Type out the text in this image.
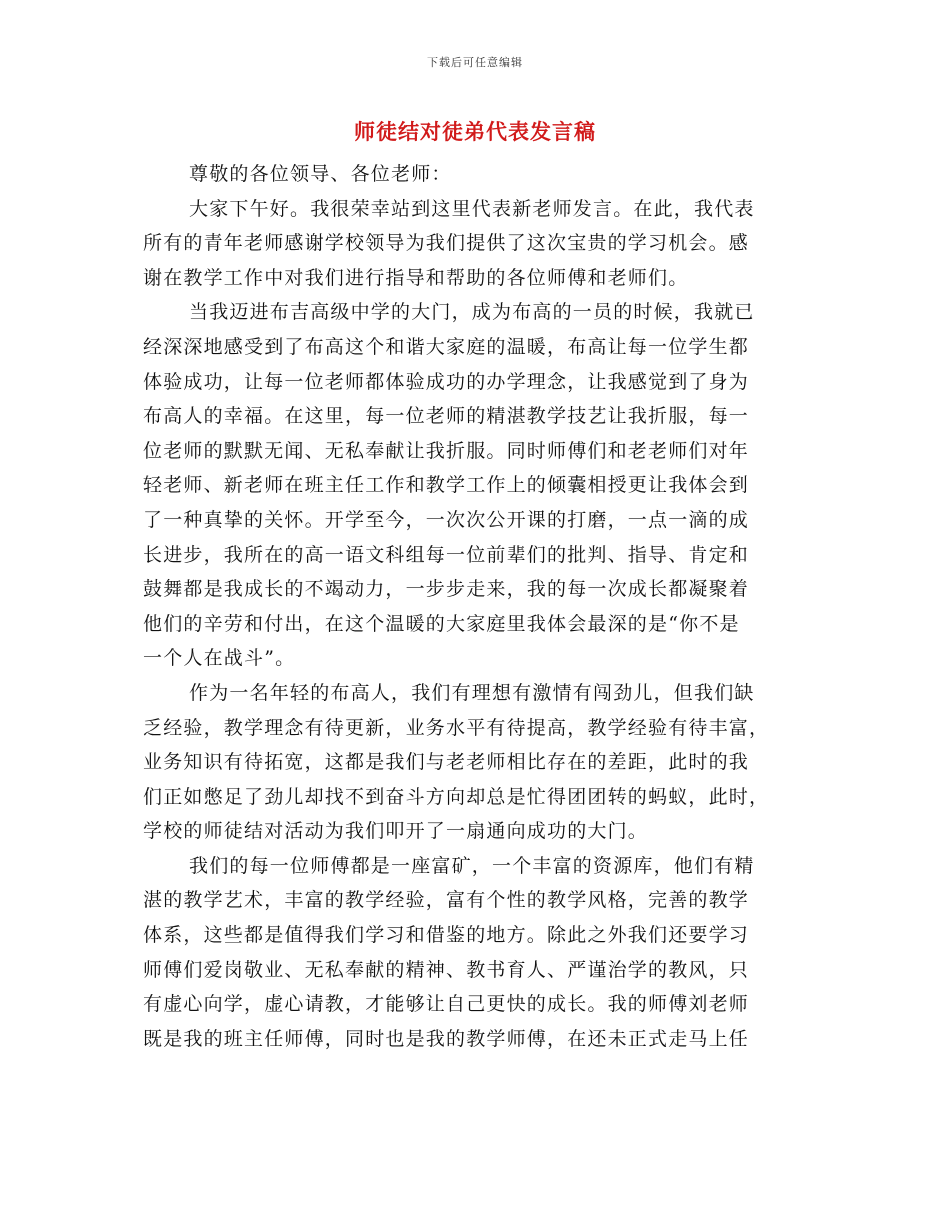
下载后可任意编辑
师徒结对徒弟代表发言稿
尊敬的各位领导、各位老师：
大家下午好。我很荣幸站到这里代表新老师发言。在此，我代表
所有的青年老师感谢学校领导为我们提供了这次宝贵的学习机会。感
谢在教学工作中对我们进行指导和帮助的各位师傅和老师们。
当我迈进布吉高级中学的大门，成为布高的一员的时候，我就已
经深深地感受到了布高这个和谐大家庭的温暖，布高让每一位学生都
体验成功，让每一位老师都体验成功的办学理念，让我感觉到了身为
布高人的幸福。在这里，每一位老师的精湛教学技艺让我折服，每一
位老师的默默无闻、无私奉献让我折服。同时师傅们和老老师们对年
轻老师、新老师在班主任工作和教学工作上的倾囊相授更让我体会到
了一种真挚的关怀。开学至今，一次次公开课的打磨，一点一滴的成
长进步，我所在的高一语文科组每一位前辈们的批判、指导、肯定和
鼓舞都是我成长的不竭动力，一步步走来，我的每一次成长都凝聚着
他们的辛劳和付出，在这个温暖的大家庭里我体会最深的是“你不是
一个人在战斗”。
作为一名年轻的布高人，我们有理想有激情有闯劲儿，但我们缺
乏经验，教学理念有待更新，业务水平有待提高，教学经验有待丰富，
业务知识有待拓宽，这都是我们与老老师相比存在的差距，此时的我
们正如憋足了劲儿却找不到奋斗方向却总是忙得团团转的蚂蚁，此时，
学校的师徒结对活动为我们叩开了一扇通向成功的大门。
我们的每一位师傅都是一座富矿，一个丰富的资源库，他们有精
湛的教学艺术，丰富的教学经验，富有个性的教学风格，完善的教学
体系，这些都是值得我们学习和借鉴的地方。除此之外我们还要学习
师傅们爱岗敬业、无私奉献的精神、教书育人、严谨治学的教风，只
有虚心向学，虚心请教，才能够让自己更快的成长。我的师傅刘老师
既是我的班主任师傅，同时也是我的教学师傅，在还未正式走马上任
